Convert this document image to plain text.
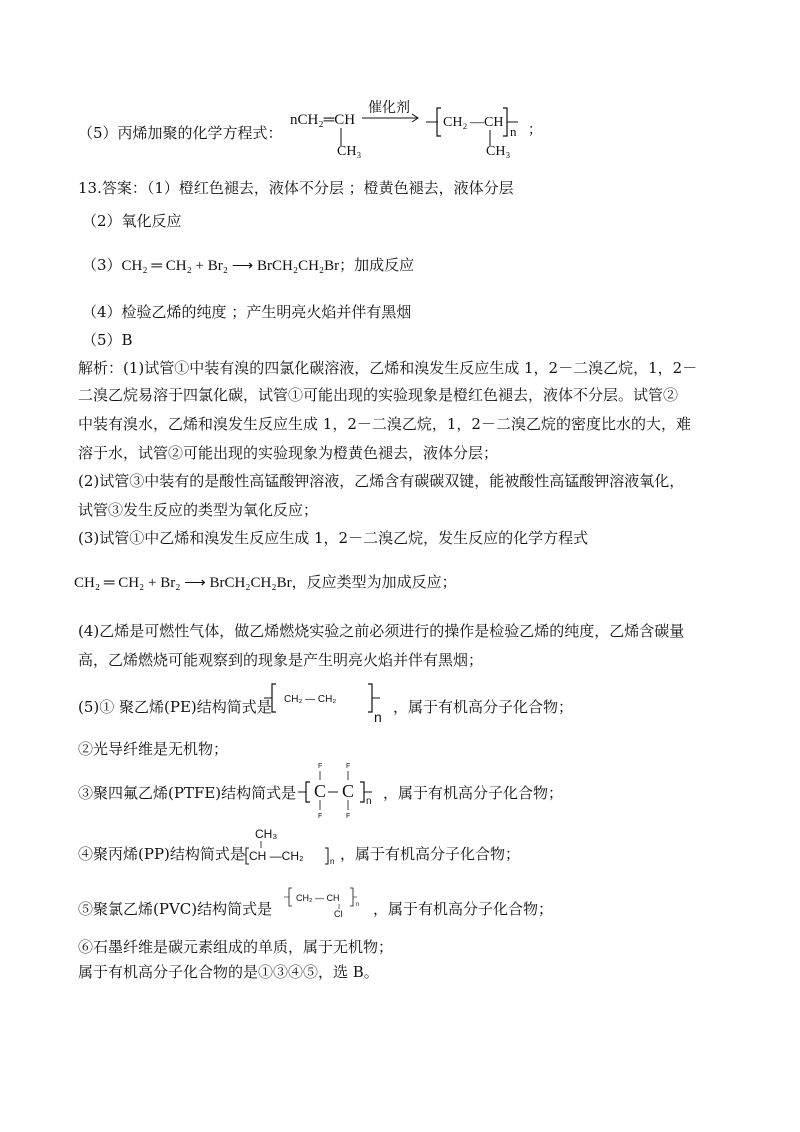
（5）丙烯加聚的化学方程式：
nCH₂═CH
CH₃
催化剂
CH₂ — CH
CH₃
n ；
13.答案：（1）橙红色褪去，液体不分层 ；橙黄色褪去，液体分层
（2）氧化反应
（3）CH₂ ═ CH₂ + Br₂ ⟶ BrCH₂CH₂Br；加成反应
（4）检验乙烯的纯度 ；产生明亮火焰并伴有黑烟
（5）B
解析：(1)试管①中装有溴的四氯化碳溶液，乙烯和溴发生反应生成 1，2－二溴乙烷，1，2－
二溴乙烷易溶于四氯化碳，试管①可能出现的实验现象是橙红色褪去，液体不分层。试管②
中装有溴水，乙烯和溴发生反应生成 1，2－二溴乙烷，1，2－二溴乙烷的密度比水的大，难
溶于水，试管②可能出现的实验现象为橙黄色褪去，液体分层；
(2)试管③中装有的是酸性高锰酸钾溶液，乙烯含有碳碳双键，能被酸性高锰酸钾溶液氧化，
试管③发生反应的类型为氧化反应；
(3)试管①中乙烯和溴发生反应生成 1，2－二溴乙烷，发生反应的化学方程式
CH₂ ═ CH₂ + Br₂ ⟶ BrCH₂CH₂Br，反应类型为加成反应；
(4)乙烯是可燃性气体，做乙烯燃烧实验之前必须进行的操作是检验乙烯的纯度，乙烯含碳量
高，乙烯燃烧可能观察到的现象是产生明亮火焰并伴有黑烟；
(5)① 聚乙烯(PE)结构简式是 CH₂ — CH₂
n
，属于有机高分子化合物；
②光导纤维是无机物；
③聚四氟乙烯(PTFE)结构简式是
F
C
F
F
C
F
n ，属于有机高分子化合物；
④聚丙烯(PP)结构简式是
CH₃
CH —CH₂	n ，属于有机高分子化合物；
⑤聚氯乙烯(PVC)结构简式是
CH₂ — CH
Cl
n ，属于有机高分子化合物；
⑥石墨纤维是碳元素组成的单质，属于无机物；
属于有机高分子化合物的是①③④⑤，选 B。
